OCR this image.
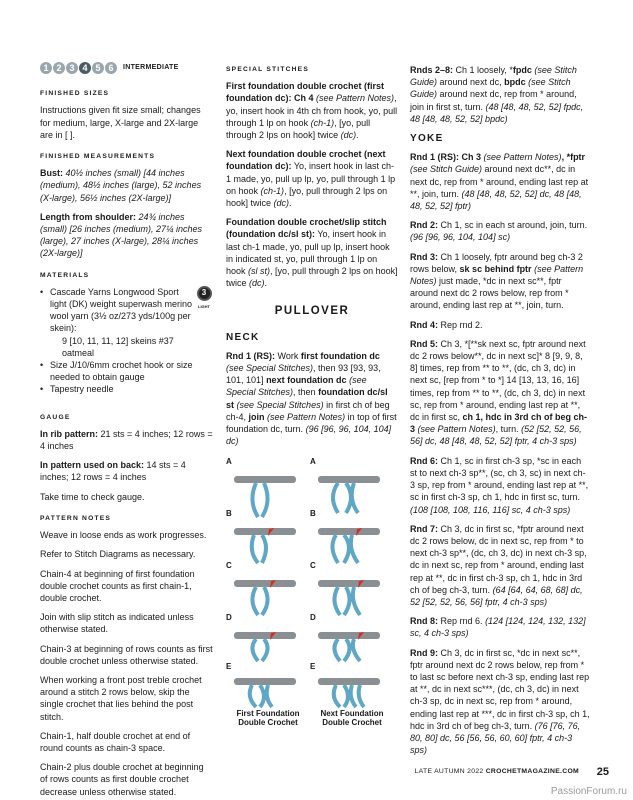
1 2 3 4 5 6	INTERMEDIATE
FINISHED SIZES

Instructions given fit size small; changes for medium, large, X-large and 2X-large are in [ ].

FINISHED MEASUREMENTS

Bust: 40½ inches (small) [44 inches (medium), 48½ inches (large), 52 inches (X-large), 56½ inches (2X-large)]

Length from shoulder: 24¾ inches (small) [26 inches (medium), 27¼ inches (large), 27 inches (X-large), 28¼ inches (2X-large)]

MATERIALS
• Cascade Yarns Longwood Sport light (DK) weight superwash merino wool yarn (3½ oz/273 yds/100g per skein):
9 [10, 11, 11, 12] skeins #37 oatmeal
• Size J/10/6mm crochet hook or size needed to obtain gauge
• Tapestry needle
3
LIGHT
GAUGE

In rib pattern: 21 sts = 4 inches; 12 rows = 4 inches

In pattern used on back: 14 sts = 4 inches; 12 rows = 4 inches

Take time to check gauge.

PATTERN NOTES

Weave in loose ends as work progresses.

Refer to Stitch Diagrams as necessary.

Chain-4 at beginning of first foundation double crochet counts as first chain-1, double crochet.

Join with slip stitch as indicated unless otherwise stated.

Chain-3 at beginning of rows counts as first double crochet unless otherwise stated.

When working a front post treble crochet around a stitch 2 rows below, skip the single crochet that lies behind the post stitch.

Chain-1, half double crochet at end of round counts as chain-3 space.

Chain-2 plus double crochet at beginning of rows counts as first double crochet decrease unless otherwise stated.

SPECIAL STITCHES

First foundation double crochet (first foundation dc): Ch 4 (see Pattern Notes), yo, insert hook in 4th ch from hook, yo, pull through 1 lp on hook (ch-1), [yo, pull through 2 lps on hook] twice (dc).

Next foundation double crochet (next foundation dc): Yo, insert hook in last ch-1 made, yo, pull up lp, yo, pull through 1 lp on hook (ch-1), [yo, pull through 2 lps on hook] twice (dc).

Foundation double crochet/slip stitch (foundation dc/sl st): Yo, insert hook in last ch-1 made, yo, pull up lp, insert hook in indicated st, yo, pull through 1 lp on hook (sl st), [yo, pull through 2 lps on hook] twice (dc).

PULLOVER
NECK

Rnd 1 (RS): Work first foundation dc (see Special Stitches), then 93 [93, 93, 101, 101] next foundation dc (see Special Stitches), then foundation dc/sl st (see Special Stitches) in first ch of beg ch-4, join (see Pattern Notes) in top of first foundation dc, turn. (96 [96, 96, 104, 104] dc)

A	A
B	B
C	C
D	D
E	E
First Foundation
Double Crochet
Next Foundation
Double Crochet

Rnds 2–8: Ch 1 loosely, *fpdc (see Stitch Guide) around next dc, bpdc (see Stitch Guide) around next dc, rep from * around, join in first st, turn. (48 [48, 48, 52, 52] fpdc, 48 [48, 48, 52, 52] bpdc)

YOKE

Rnd 1 (RS): Ch 3 (see Pattern Notes), *fptr (see Stitch Guide) around next dc**, dc in next dc, rep from * around, ending last rep at **, join, turn. (48 [48, 48, 52, 52] dc, 48 [48, 48, 52, 52] fptr)

Rnd 2: Ch 1, sc in each st around, join, turn. (96 [96, 96, 104, 104] sc)

Rnd 3: Ch 1 loosely, fptr around beg ch-3 2 rows below, sk sc behind fptr (see Pattern Notes) just made, *dc in next sc**, fptr around next dc 2 rows below, rep from * around, ending last rep at **, join, turn.

Rnd 4: Rep rnd 2.

Rnd 5: Ch 3, *[**sk next sc, fptr around next dc 2 rows below**, dc in next sc]* 8 [9, 9, 8, 8] times, rep from ** to **, (dc, ch 3, dc) in next sc, [rep from * to *] 14 [13, 13, 16, 16] times, rep from ** to **, (dc, ch 3, dc) in next sc, rep from * around, ending last rep at **, dc in first sc, ch 1, hdc in 3rd ch of beg ch-3 (see Pattern Notes), turn. (52 [52, 52, 56, 56] dc, 48 [48, 48, 52, 52] fptr, 4 ch-3 sps)

Rnd 6: Ch 1, sc in first ch-3 sp, *sc in each st to next ch-3 sp**, (sc, ch 3, sc) in next ch-3 sp, rep from * around, ending last rep at **, sc in first ch-3 sp, ch 1, hdc in first sc, turn. (108 [108, 108, 116, 116] sc, 4 ch-3 sps)

Rnd 7: Ch 3, dc in first sc, *fptr around next dc 2 rows below, dc in next sc, rep from * to next ch-3 sp**, (dc, ch 3, dc) in next ch-3 sp, dc in next sc, rep from * around, ending last rep at **, dc in first ch-3 sp, ch 1, hdc in 3rd ch of beg ch-3, turn. (64 [64, 64, 68, 68] dc, 52 [52, 52, 56, 56] fptr, 4 ch-3 sps)

Rnd 8: Rep rnd 6. (124 [124, 124, 132, 132] sc, 4 ch-3 sps)

Rnd 9: Ch 3, dc in first sc, *dc in next sc**, fptr around next dc 2 rows below, rep from * to last sc before next ch-3 sp, ending last rep at **, dc in next sc***, (dc, ch 3, dc) in next ch-3 sp, dc in next sc, rep from * around, ending last rep at ***, dc in first ch-3 sp, ch 1, hdc in 3rd ch of beg ch-3, turn. (76 [76, 76, 80, 80] dc, 56 [56, 56, 60, 60] fptr, 4 ch-3 sps)

LATE AUTUMN 2022 CROCHETMAGAZINE.COM 25
PassionForum.ru
